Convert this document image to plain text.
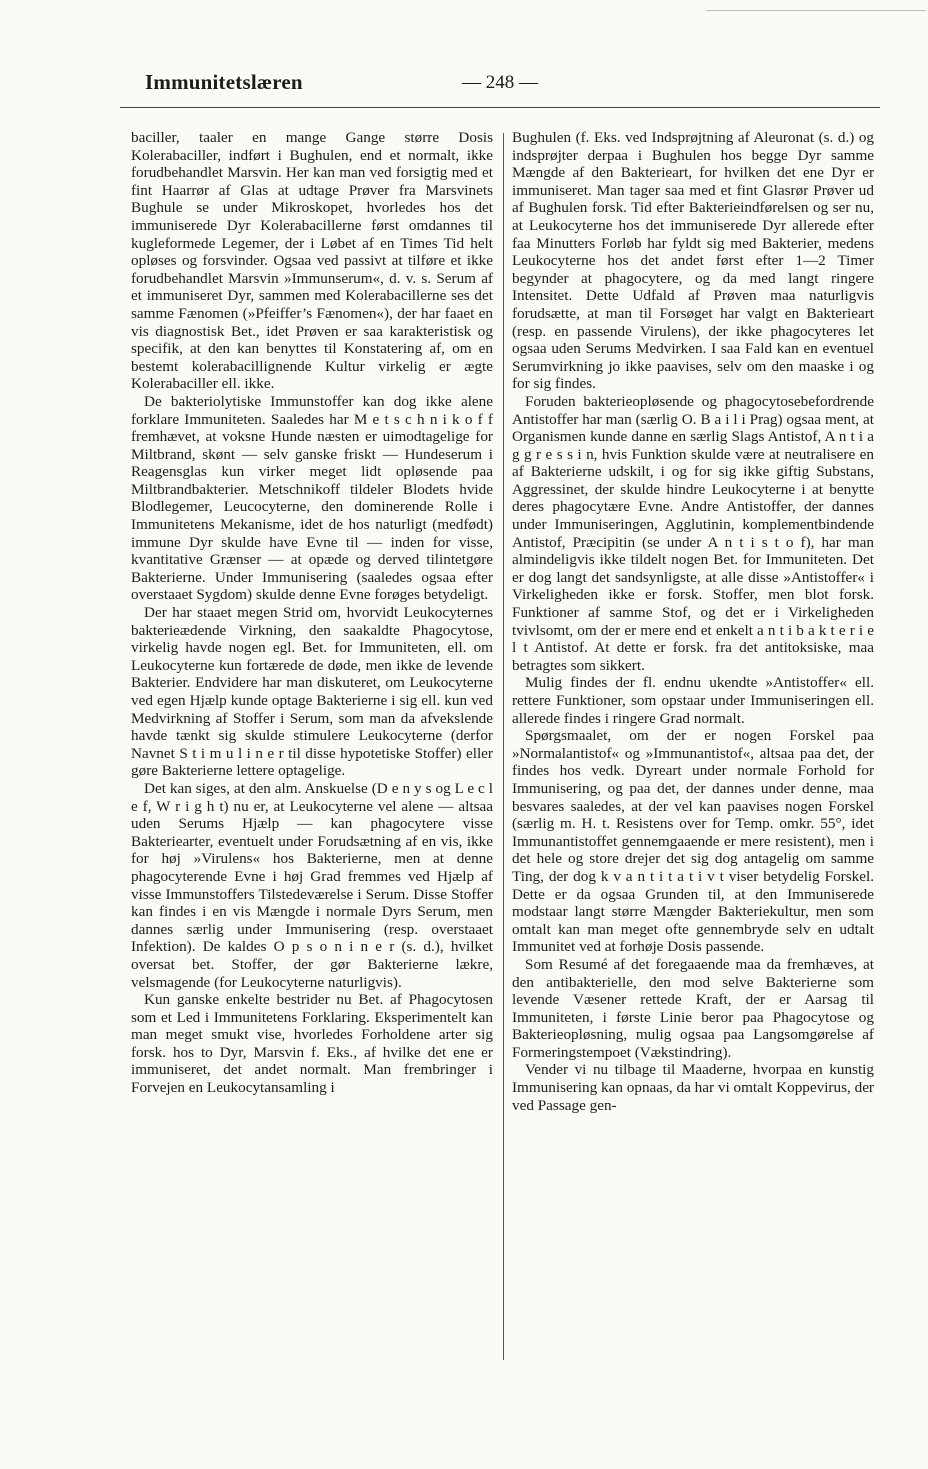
Immunitetslæren	— 248 —

baciller, taaler en mange Gange større Dosis Kolerabaciller, indført i Bughulen, end et normalt, ikke forudbehandlet Marsvin. Her kan man ved forsigtig med et fint Haarrør af Glas at udtage Prøver fra Marsvinets Bughule se under Mikroskopet, hvorledes hos det immuniserede Dyr Kolerabacillerne først omdannes til kugleformede Legemer, der i Løbet af en Times Tid helt opløses og forsvinder. Ogsaa ved passivt at tilføre et ikke forudbehandlet Marsvin »Immunserum«, d. v. s. Serum af et immuniseret Dyr, sammen med Kolerabacillerne ses det samme Fænomen (»Pfeiffer’s Fænomen«), der har faaet en vis diagnostisk Bet., idet Prøven er saa karakteristisk og specifik, at den kan benyttes til Konstatering af, om en bestemt kolerabacillignende Kultur virkelig er ægte Kolerabaciller ell. ikke.

De bakteriolytiske Immunstoffer kan dog ikke alene forklare Immuniteten. Saaledes har M e t s c h n i k o f f fremhævet, at voksne Hunde næsten er uimodtagelige for Miltbrand, skønt — selv ganske friskt — Hundeserum i Reagensglas kun virker meget lidt opløsende paa Miltbrandbakterier. Metschnikoff tildeler Blodets hvide Blodlegemer, Leucocyterne, den dominerende Rolle i Immunitetens Mekanisme, idet de hos naturligt (medfødt) immune Dyr skulde have Evne til — inden for visse, kvantitative Grænser — at opæde og derved tilintetgøre Bakterierne. Under Immunisering (saaledes ogsaa efter overstaaet Sygdom) skulde denne Evne forøges betydeligt.

Der har staaet megen Strid om, hvorvidt Leukocyternes bakterieædende Virkning, den saakaldte Phagocytose, virkelig havde nogen egl. Bet. for Immuniteten, ell. om Leukocyterne kun fortærede de døde, men ikke de levende Bakterier. Endvidere har man diskuteret, om Leukocyterne ved egen Hjælp kunde optage Bakterierne i sig ell. kun ved Medvirkning af Stoffer i Serum, som man da afvekslende havde tænkt sig skulde stimulere Leukocyterne (derfor Navnet S t i m u l i n e r til disse hypotetiske Stoffer) eller gøre Bakterierne lettere optagelige.

Det kan siges, at den alm. Anskuelse (D e n y s og L e c l e f, W r i g h t) nu er, at Leukocyterne vel alene — altsaa uden Serums Hjælp — kan phagocytere visse Bakteriearter, eventuelt under Forudsætning af en vis, ikke for høj »Virulens« hos Bakterierne, men at denne phagocyterende Evne i høj Grad fremmes ved Hjælp af visse Immunstoffers Tilstedeværelse i Serum. Disse Stoffer kan findes i en vis Mængde i normale Dyrs Serum, men dannes særlig under Immunisering (resp. overstaaet Infektion). De kaldes O p s o n i n e r (s. d.), hvilket oversat bet. Stoffer, der gør Bakterierne lækre, velsmagende (for Leukocyterne naturligvis).

Kun ganske enkelte bestrider nu Bet. af Phagocytosen som et Led i Immunitetens Forklaring. Eksperimentelt kan man meget smukt vise, hvorledes Forholdene arter sig forsk. hos to Dyr, Marsvin f. Eks., af hvilke det ene er immuniseret, det andet normalt. Man frembringer i Forvejen en Leukocytansamling i

Bughulen (f. Eks. ved Indsprøjtning af Aleuronat (s. d.) og indsprøjter derpaa i Bughulen hos begge Dyr samme Mængde af den Bakterieart, for hvilken det ene Dyr er immuniseret. Man tager saa med et fint Glasrør Prøver ud af Bughulen forsk. Tid efter Bakterieindførelsen og ser nu, at Leukocyterne hos det immuniserede Dyr allerede efter faa Minutters Forløb har fyldt sig med Bakterier, medens Leukocyterne hos det andet først efter 1—2 Timer begynder at phagocytere, og da med langt ringere Intensitet. Dette Udfald af Prøven maa naturligvis forudsætte, at man til Forsøget har valgt en Bakterieart (resp. en passende Virulens), der ikke phagocyteres let ogsaa uden Serums Medvirken. I saa Fald kan en eventuel Serumvirkning jo ikke paavises, selv om den maaske i og for sig findes.

Foruden bakterieopløsende og phagocytosebefordrende Antistoffer har man (særlig O. B a i l i Prag) ogsaa ment, at Organismen kunde danne en særlig Slags Antistof, A n t i a g g r e s s i n, hvis Funktion skulde være at neutralisere en af Bakterierne udskilt, i og for sig ikke giftig Substans, Aggressinet, der skulde hindre Leukocyterne i at benytte deres phagocytære Evne. Andre Antistoffer, der dannes under Immuniseringen, Agglutinin, komplementbindende Antistof, Præcipitin (se under A n t i s t o f), har man almindeligvis ikke tildelt nogen Bet. for Immuniteten. Det er dog langt det sandsynligste, at alle disse »Antistoffer« i Virkeligheden ikke er forsk. Stoffer, men blot forsk. Funktioner af samme Stof, og det er i Virkeligheden tvivlsomt, om der er mere end et enkelt a n t i b a k t e r i e l t Antistof. At dette er forsk. fra det antitoksiske, maa betragtes som sikkert.

Mulig findes der fl. endnu ukendte »Antistoffer« ell. rettere Funktioner, som opstaar under Immuniseringen ell. allerede findes i ringere Grad normalt.

Spørgsmaalet, om der er nogen Forskel paa »Normalantistof« og »Immunantistof«, altsaa paa det, der findes hos vedk. Dyreart under normale Forhold for Immunisering, og paa det, der dannes under denne, maa besvares saaledes, at der vel kan paavises nogen Forskel (særlig m. H. t. Resistens over for Temp. omkr. 55°, idet Immunantistoffet gennemgaaende er mere resistent), men i det hele og store drejer det sig dog antagelig om samme Ting, der dog k v a n t i t a t i v t viser betydelig Forskel. Dette er da ogsaa Grunden til, at den Immuniserede modstaar langt større Mængder Bakteriekultur, men som omtalt kan man meget ofte gennembryde selv en udtalt Immunitet ved at forhøje Dosis passende.

Som Resumé af det foregaaende maa da fremhæves, at den antibakterielle, den mod selve Bakterierne som levende Væsener rettede Kraft, der er Aarsag til Immuniteten, i første Linie beror paa Phagocytose og Bakterieopløsning, mulig ogsaa paa Langsomgørelse af Formeringstempoet (Vækstindring).

Vender vi nu tilbage til Maaderne, hvorpaa en kunstig Immunisering kan opnaas, da har vi omtalt Koppevirus, der ved Passage gen-
